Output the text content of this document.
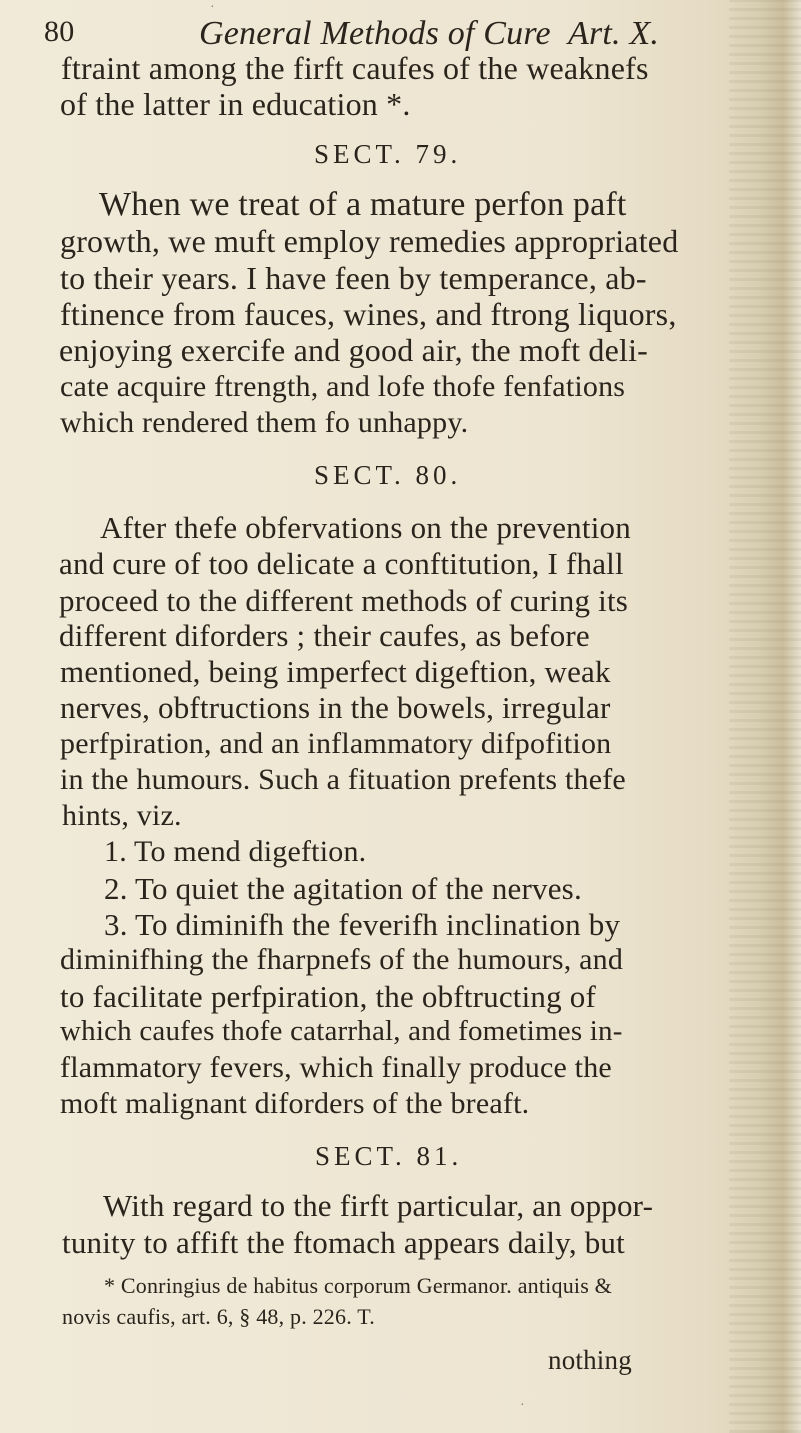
80	General Methods of Cure Art. X.
ftraint among the firft caufes of the weaknefs
of the latter in education *.
SECT. 79.
When we treat of a mature perfon paft
growth, we muft employ remedies appropriated
to their years. I have feen by temperance, ab-
ftinence from fauces, wines, and ftrong liquors,
enjoying exercife and good air, the moft deli-
cate acquire ftrength, and lofe thofe fenfations
which rendered them fo unhappy.
SECT. 80.
After thefe obfervations on the prevention
and cure of too delicate a conftitution, I fhall
proceed to the different methods of curing its
different diforders ; their caufes, as before
mentioned, being imperfect digeftion, weak
nerves, obftructions in the bowels, irregular
perfpiration, and an inflammatory difpofition
in the humours. Such a fituation prefents thefe
hints, viz.
1. To mend digeftion.
2. To quiet the agitation of the nerves.
3. To diminifh the feverifh inclination by
diminifhing the fharpnefs of the humours, and
to facilitate perfpiration, the obftructing of
which caufes thofe catarrhal, and fometimes in-
flammatory fevers, which finally produce the
moft malignant diforders of the breaft.
SECT. 81.
With regard to the firft particular, an oppor-
tunity to affift the ftomach appears daily, but
* Conringius de habitus corporum Germanor. antiquis &
novis caufis, art. 6, § 48, p. 226. T.
nothing
·
·
